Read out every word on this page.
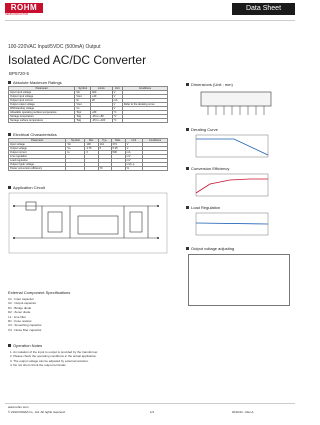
ROHM
SEMICONDUCTOR
Data Sheet
100-220VAC Input/5VDC (500mA) Output
Isolated AC/DC Converter
BP5720-5
Absolute Maximum Ratings
Parameter	Symbol	Limits	Unit	Conditions
Input input voltage	Vin	400	V	
Output input voltage	Vout	+20	V	
Output input current	Iin	20	mA	
Output output voltage	Vout		V	Refer to the derating curve
Withstanding voltage	Vs		V	
Allowable operating surface temperature	Topr	+80	°C	
Storage temperature	Tstg	-25 to +80	°C	
Storage surface temperature	Tstg	-25 to +100	°C	
Electrical Characteristics
Parameter	Symbol	Min.	Typ.	Max.	Unit	Conditions
Input voltage	Vin	100	141	374	V	
Output voltage	Vo	4.75	5	5.25	V	
Output current	Io	0		500	mA	
Line regulation					mV	
Load regulation					mV	
Output ripple voltage					mVp-p	
Power conversion efficiency			70		%	
Application Circuit
External Component Specifications
C1 : Input capacitor
C2 : Output capacitor
D1 : Bridge diode
D2 : Zener diode
L1 : Line filter
R1 : Fuse resistor
C3 : Smoothing capacitor
C4 : Noise filter capacitor
Operation Notes
1. An isolation of the input to output is provided by the transformer.
2. Please check the operating conditions in the actual application.
3. The output voltage can be adjusted by external resistors.
4. Do not short circuit the output terminals.
Dimensions (Unit : mm)
Derating Curve
Conversion Efficiency
Load Regulation
Output voltage adjusting
www.rohm.com
© 2010 ROHM Co., Ltd. All rights reserved.	1/1	2010.01 - Rev.A
